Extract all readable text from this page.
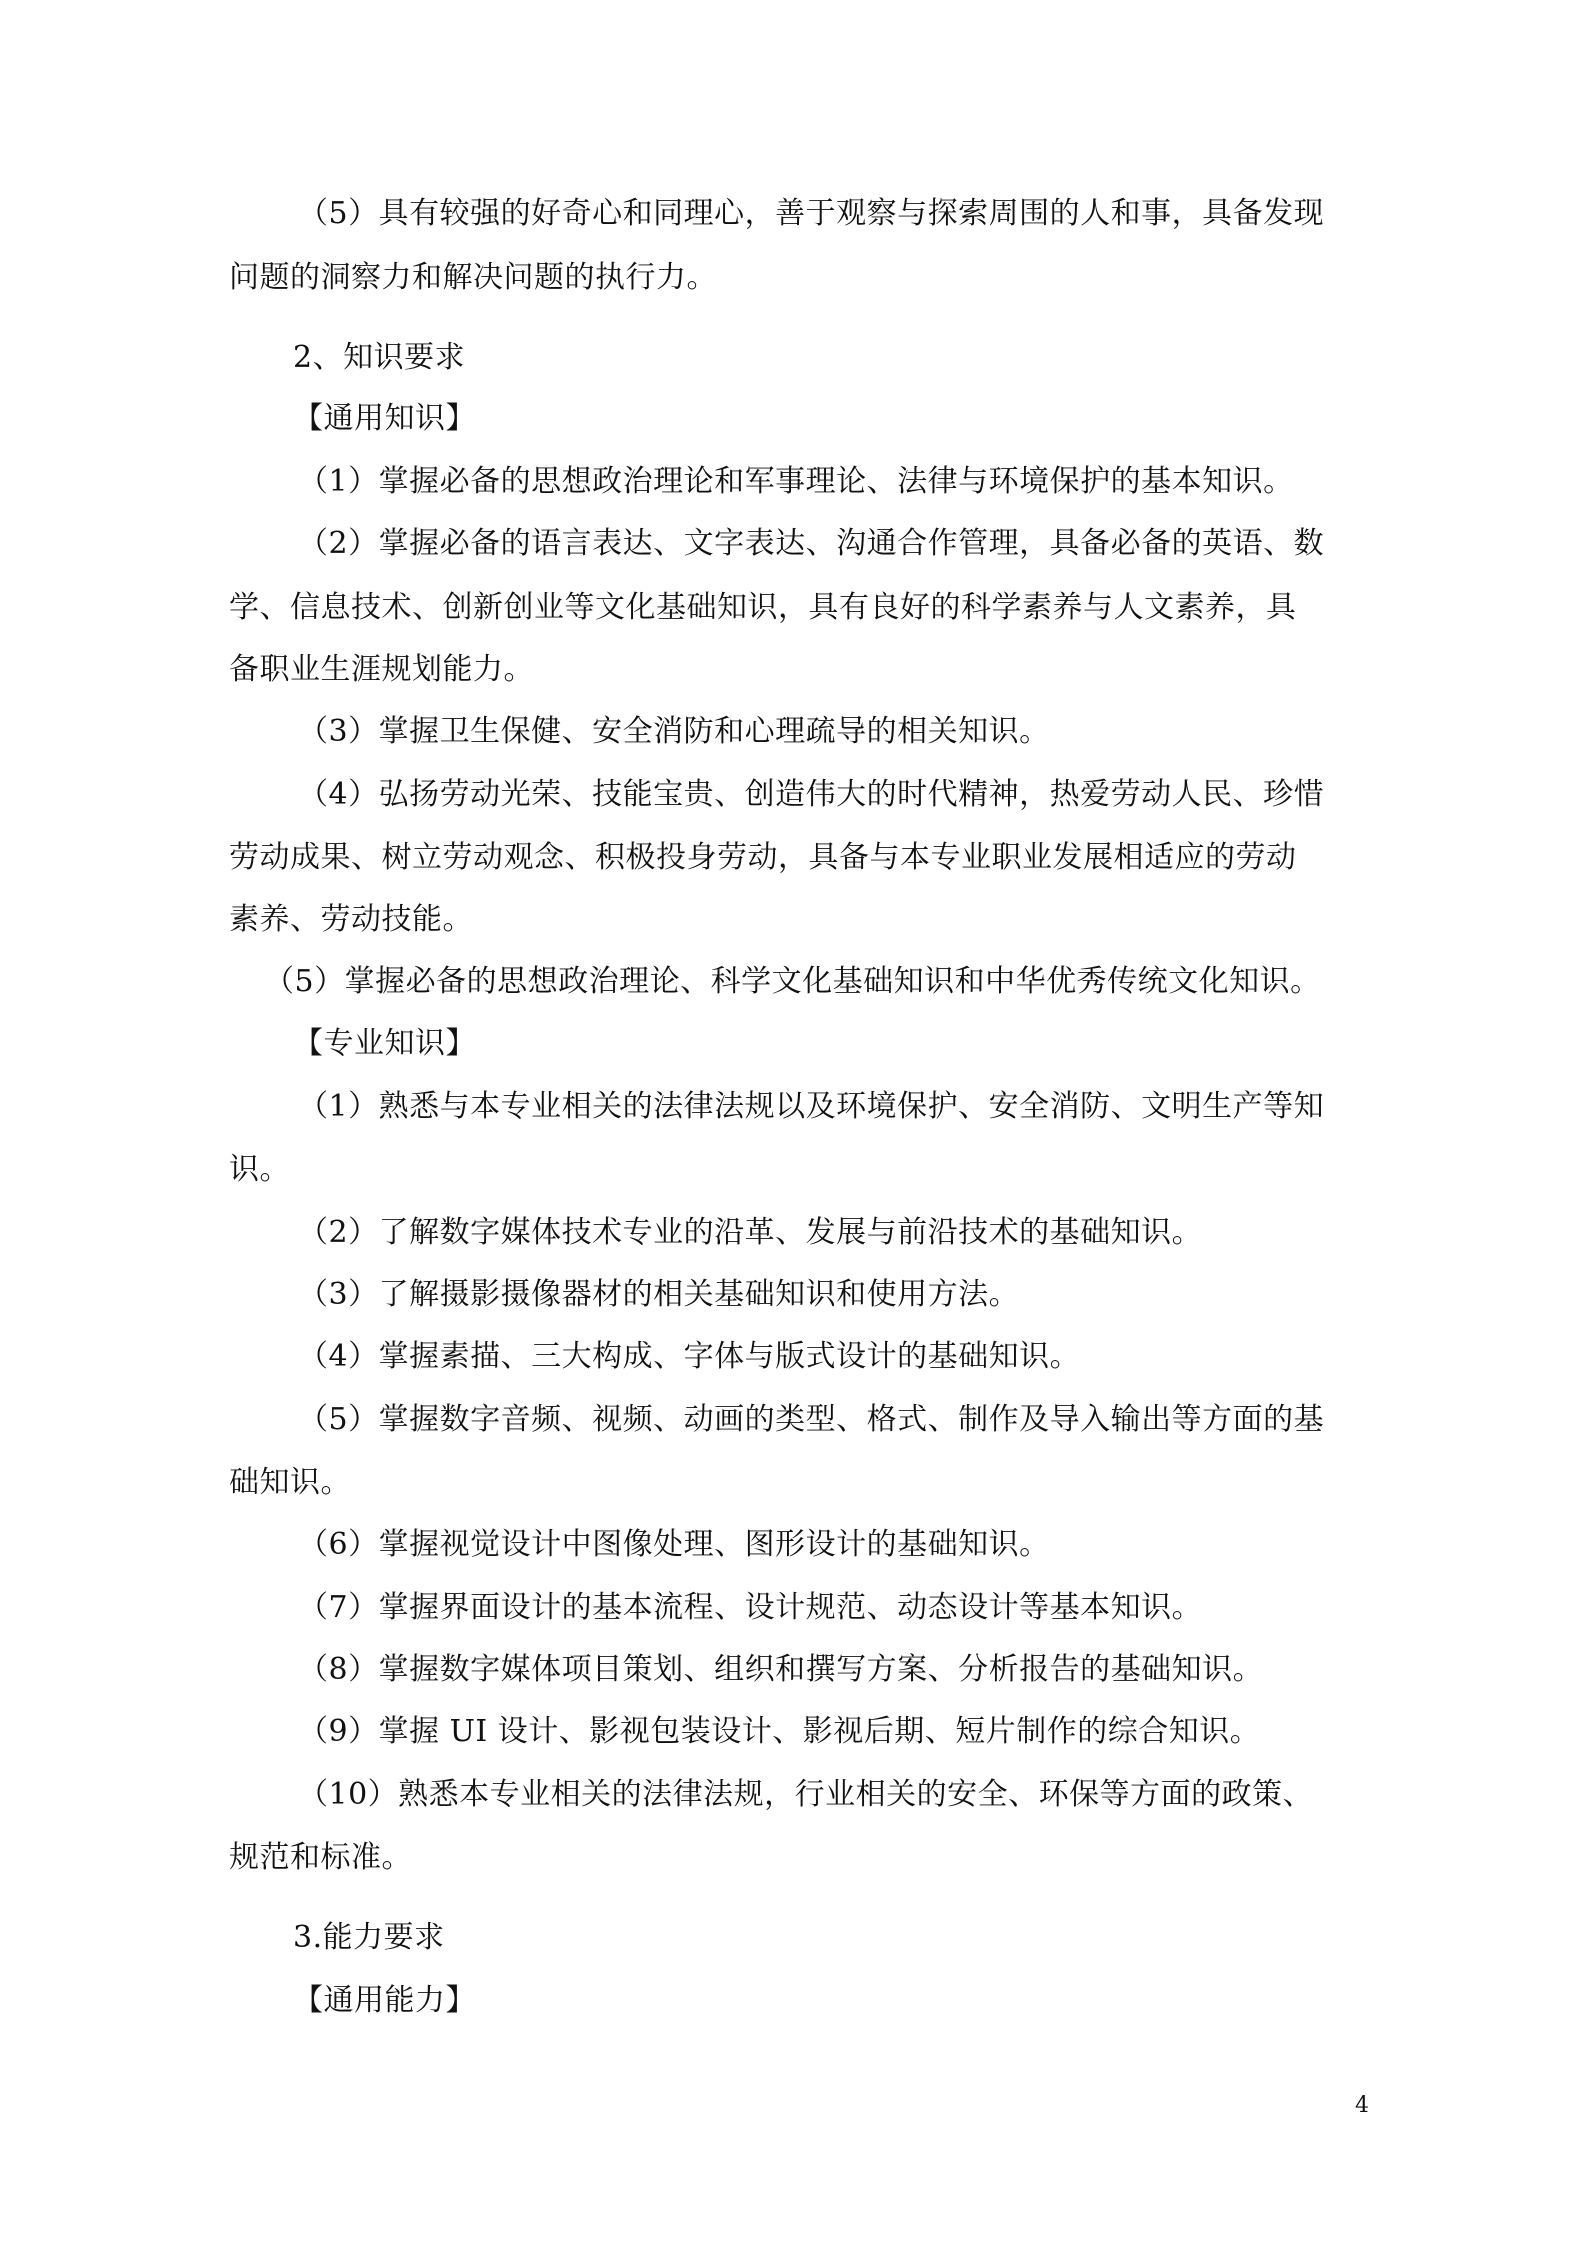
（5）具有较强的好奇心和同理心，善于观察与探索周围的人和事，具备发现
问题的洞察力和解决问题的执行力。
2、知识要求
【通用知识】
（1）掌握必备的思想政治理论和军事理论、法律与环境保护的基本知识。
（2）掌握必备的语言表达、文字表达、沟通合作管理，具备必备的英语、数
学、信息技术、创新创业等文化基础知识，具有良好的科学素养与人文素养，具
备职业生涯规划能力。
（3）掌握卫生保健、安全消防和心理疏导的相关知识。
（4）弘扬劳动光荣、技能宝贵、创造伟大的时代精神，热爱劳动人民、珍惜
劳动成果、树立劳动观念、积极投身劳动，具备与本专业职业发展相适应的劳动
素养、劳动技能。
（5）掌握必备的思想政治理论、科学文化基础知识和中华优秀传统文化知识。
【专业知识】
（1）熟悉与本专业相关的法律法规以及环境保护、安全消防、文明生产等知
识。
（2）了解数字媒体技术专业的沿革、发展与前沿技术的基础知识。
（3）了解摄影摄像器材的相关基础知识和使用方法。
（4）掌握素描、三大构成、字体与版式设计的基础知识。
（5）掌握数字音频、视频、动画的类型、格式、制作及导入输出等方面的基
础知识。
（6）掌握视觉设计中图像处理、图形设计的基础知识。
（7）掌握界面设计的基本流程、设计规范、动态设计等基本知识。
（8）掌握数字媒体项目策划、组织和撰写方案、分析报告的基础知识。
（9）掌握 UI 设计、影视包装设计、影视后期、短片制作的综合知识。
（10）熟悉本专业相关的法律法规，行业相关的安全、环保等方面的政策、
规范和标准。
3.能力要求
【通用能力】
4
